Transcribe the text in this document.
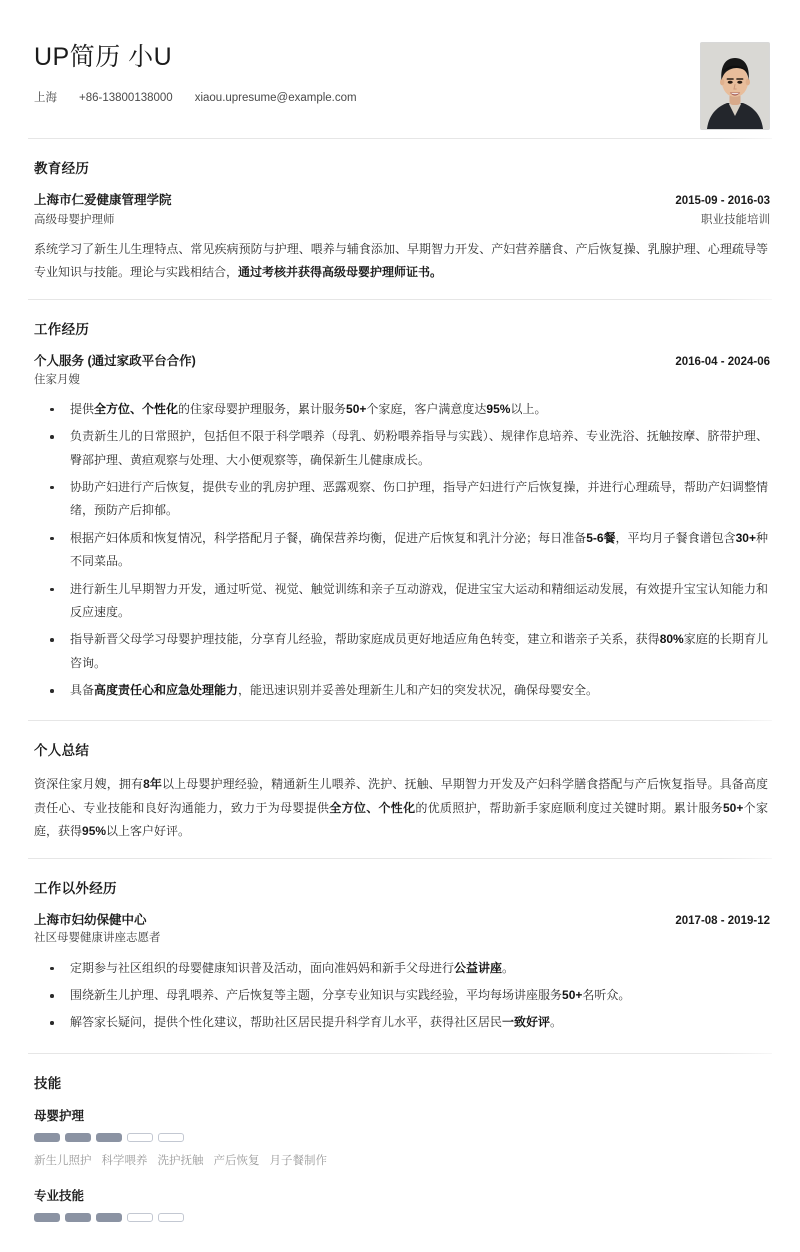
UP简历 小U
上海 +86-13800138000 xiaou.upresume@example.com
教育经历
上海市仁爱健康管理学院	2015-09 - 2016-03
高级母婴护理师	职业技能培训
系统学习了新生儿生理特点、常见疾病预防与护理、喂养与辅食添加、早期智力开发、产妇营养膳食、产后恢复操、乳腺护理、心理疏导等专业知识与技能。理论与实践相结合，通过考核并获得高级母婴护理师证书。
工作经历
个人服务 (通过家政平台合作)	2016-04 - 2024-06
住家月嫂
提供全方位、个性化的住家母婴护理服务，累计服务50+个家庭，客户满意度达95%以上。
负责新生儿的日常照护，包括但不限于科学喂养（母乳、奶粉喂养指导与实践）、规律作息培养、专业洗浴、抚触按摩、脐带护理、臀部护理、黄疸观察与处理、大小便观察等，确保新生儿健康成长。
协助产妇进行产后恢复，提供专业的乳房护理、恶露观察、伤口护理，指导产妇进行产后恢复操，并进行心理疏导，帮助产妇调整情绪，预防产后抑郁。
根据产妇体质和恢复情况，科学搭配月子餐，确保营养均衡，促进产后恢复和乳汁分泌；每日准备5-6餐，平均月子餐食谱包含30+种不同菜品。
进行新生儿早期智力开发，通过听觉、视觉、触觉训练和亲子互动游戏，促进宝宝大运动和精细运动发展，有效提升宝宝认知能力和反应速度。
指导新晋父母学习母婴护理技能，分享育儿经验，帮助家庭成员更好地适应角色转变，建立和谐亲子关系，获得80%家庭的长期育儿咨询。
具备高度责任心和应急处理能力，能迅速识别并妥善处理新生儿和产妇的突发状况，确保母婴安全。
个人总结
资深住家月嫂，拥有8年以上母婴护理经验，精通新生儿喂养、洗护、抚触、早期智力开发及产妇科学膳食搭配与产后恢复指导。具备高度责任心、专业技能和良好沟通能力，致力于为母婴提供全方位、个性化的优质照护，帮助新手家庭顺利度过关键时期。累计服务50+个家庭，获得95%以上客户好评。
工作以外经历
上海市妇幼保健中心	2017-08 - 2019-12
社区母婴健康讲座志愿者
定期参与社区组织的母婴健康知识普及活动，面向准妈妈和新手父母进行公益讲座。
围绕新生儿护理、母乳喂养、产后恢复等主题，分享专业知识与实践经验，平均每场讲座服务50+名听众。
解答家长疑问，提供个性化建议，帮助社区居民提升科学育儿水平，获得社区居民一致好评。
技能
母婴护理
新生儿照护 科学喂养 洗护抚触 产后恢复 月子餐制作
专业技能
